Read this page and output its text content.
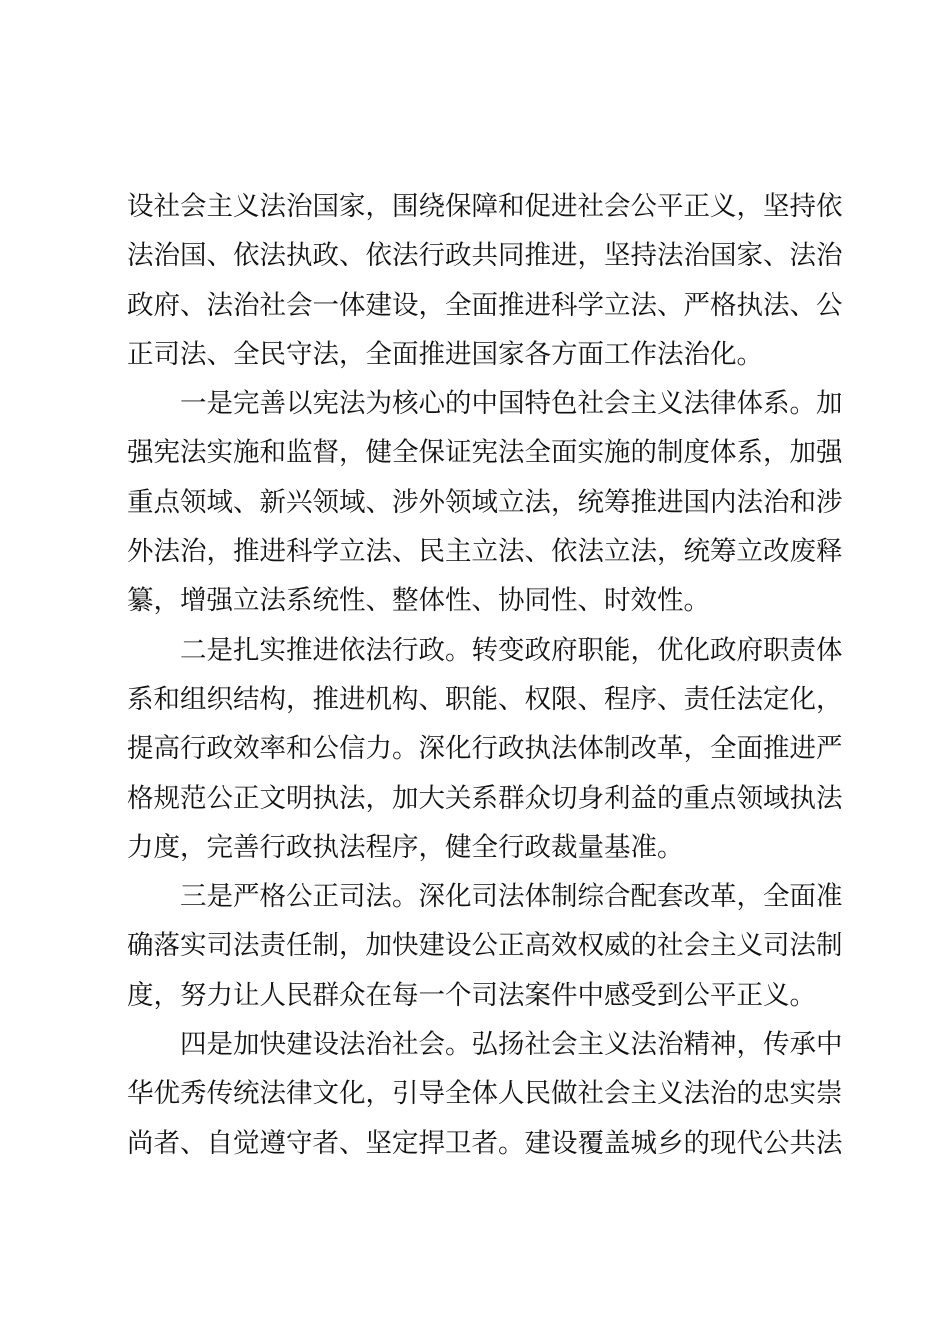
设社会主义法治国家，围绕保障和促进社会公平正义，坚持依
法治国、依法执政、依法行政共同推进，坚持法治国家、法治
政府、法治社会一体建设，全面推进科学立法、严格执法、公
正司法、全民守法，全面推进国家各方面工作法治化。
　　一是完善以宪法为核心的中国特色社会主义法律体系。加
强宪法实施和监督，健全保证宪法全面实施的制度体系，加强
重点领域、新兴领域、涉外领域立法，统筹推进国内法治和涉
外法治，推进科学立法、民主立法、依法立法，统筹立改废释
纂，增强立法系统性、整体性、协同性、时效性。
　　二是扎实推进依法行政。转变政府职能，优化政府职责体
系和组织结构，推进机构、职能、权限、程序、责任法定化，
提高行政效率和公信力。深化行政执法体制改革，全面推进严
格规范公正文明执法，加大关系群众切身利益的重点领域执法
力度，完善行政执法程序，健全行政裁量基准。
　　三是严格公正司法。深化司法体制综合配套改革，全面准
确落实司法责任制，加快建设公正高效权威的社会主义司法制
度，努力让人民群众在每一个司法案件中感受到公平正义。
　　四是加快建设法治社会。弘扬社会主义法治精神，传承中
华优秀传统法律文化，引导全体人民做社会主义法治的忠实崇
尚者、自觉遵守者、坚定捍卫者。建设覆盖城乡的现代公共法
